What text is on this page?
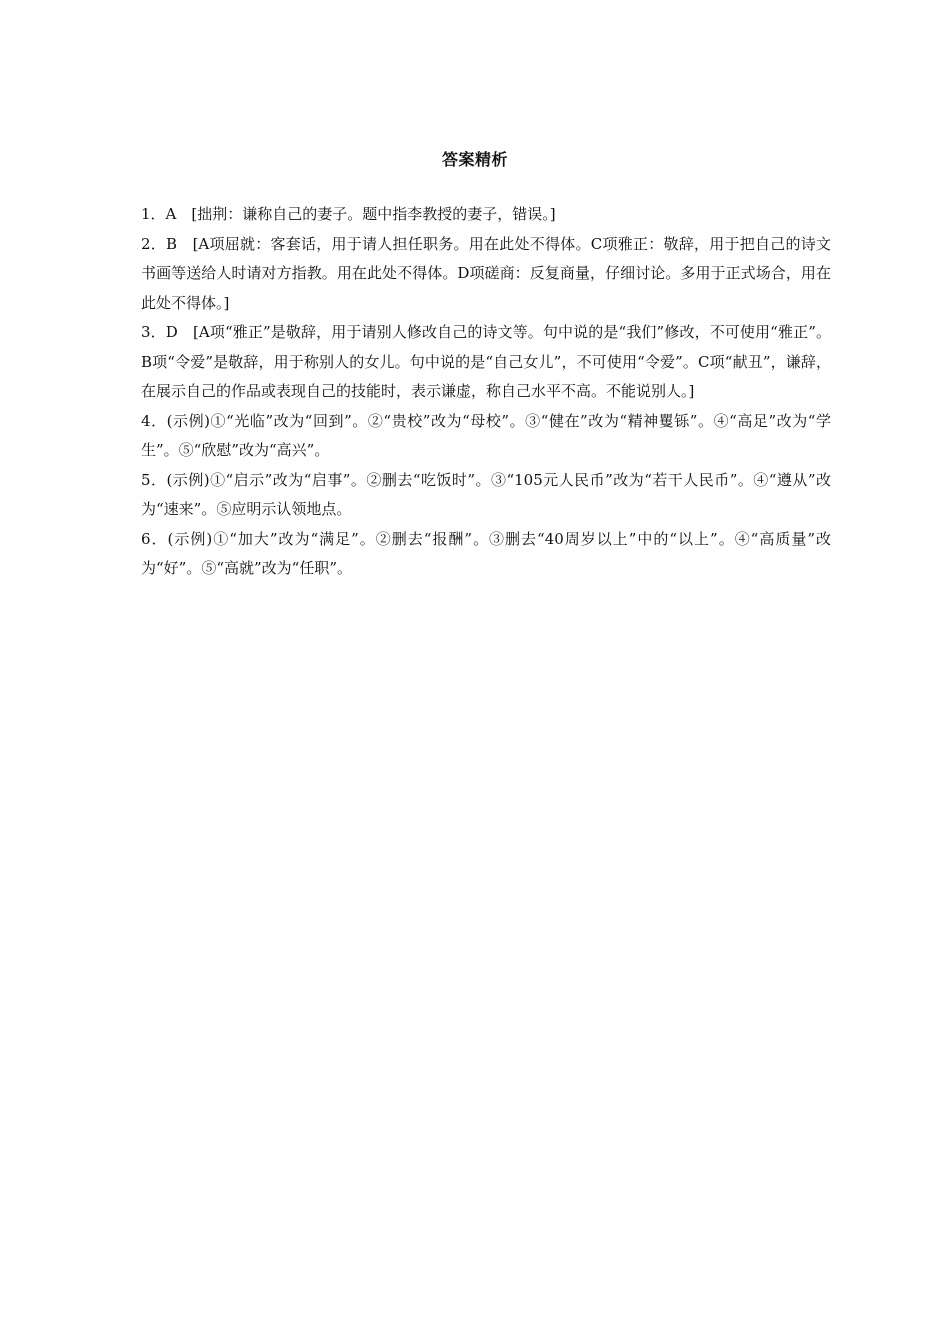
答案精析

1．A　[拙荆：谦称自己的妻子。题中指李教授的妻子，错误。]

2．B　[A项屈就：客套话，用于请人担任职务。用在此处不得体。C项雅正：敬辞，用于把自己的诗文书画等送给人时请对方指教。用在此处不得体。D项磋商：反复商量，仔细讨论。多用于正式场合，用在此处不得体。]

3．D　[A项“雅正”是敬辞，用于请别人修改自己的诗文等。句中说的是“我们”修改，不可使用“雅正”。B项“令爱”是敬辞，用于称别人的女儿。句中说的是“自己女儿”，不可使用“令爱”。C项“献丑”，谦辞，在展示自己的作品或表现自己的技能时，表示谦虚，称自己水平不高。不能说别人。]

4．(示例)①“光临”改为“回到”。②“贵校”改为“母校”。③“健在”改为“精神矍铄”。④“高足”改为“学生”。⑤“欣慰”改为“高兴”。

5．(示例)①“启示”改为“启事”。②删去“吃饭时”。③“105元人民币”改为“若干人民币”。④“遵从”改为“速来”。⑤应明示认领地点。

6．(示例)①“加大”改为“满足”。②删去“报酬”。③删去“40周岁以上”中的“以上”。④“高质量”改为“好”。⑤“高就”改为“任职”。
